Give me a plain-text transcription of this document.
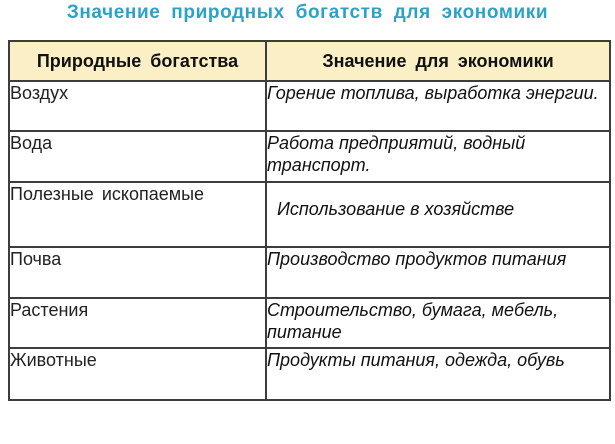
Значение природных богатств для экономики
Природные богатства	Значение для экономики
Воздух	Горение топлива, выработка энергии.
Вода	Работа предприятий, водный транспорт.
Полезные ископаемые	Использование в хозяйстве
Почва	Производство продуктов питания
Растения	Строительство, бумага, мебель, питание
Животные	Продукты питания, одежда, обувь
